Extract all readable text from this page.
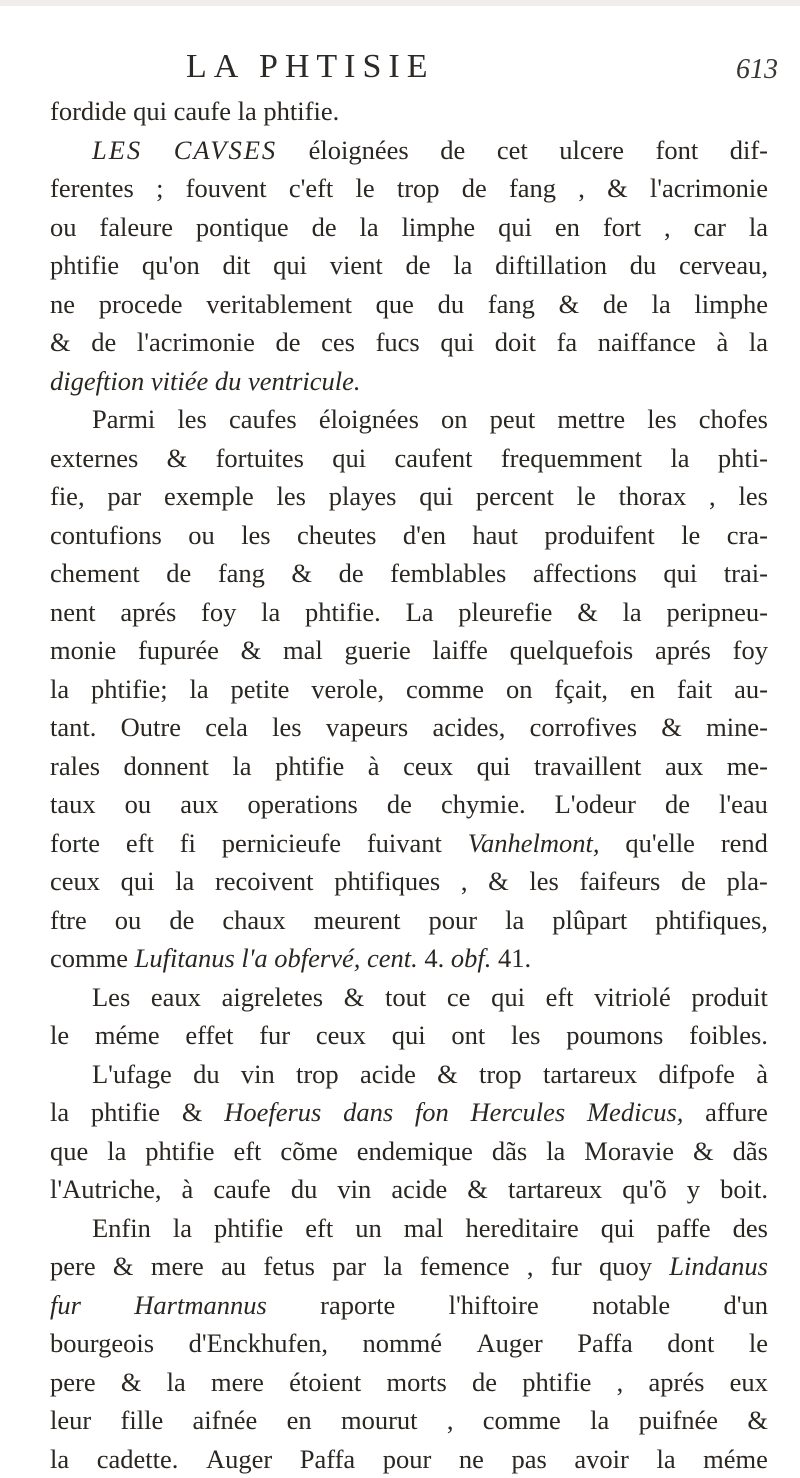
LA PHTISIE	613
fordide qui caufe la phtifie.
LES CAVSES éloignées de cet ulcere font dif-
ferentes ; fouvent c'eft le trop de fang , & l'acrimonie
ou faleure pontique de la limphe qui en fort , car la
phtifie qu'on dit qui vient de la diftillation du cerveau,
ne procede veritablement que du fang & de la limphe
& de l'acrimonie de ces fucs qui doit fa naiffance à la
digeftion vitiée du ventricule.
Parmi les caufes éloignées on peut mettre les chofes
externes & fortuites qui caufent frequemment la phti-
fie, par exemple les playes qui percent le thorax , les
contufions ou les cheutes d'en haut produifent le cra-
chement de fang & de femblables affections qui trai-
nent aprés foy la phtifie. La pleurefie & la peripneu-
monie fupurée & mal guerie laiffe quelquefois aprés foy
la phtifie; la petite verole, comme on fçait, en fait au-
tant. Outre cela les vapeurs acides, corrofives & mine-
rales donnent la phtifie à ceux qui travaillent aux me-
taux ou aux operations de chymie. L'odeur de l'eau
forte eft fi pernicieufe fuivant Vanhelmont, qu'elle rend
ceux qui la recoivent phtifiques , & les faifeurs de pla-
ftre ou de chaux meurent pour la plûpart phtifiques,
comme Lufitanus l'a obfervé, cent. 4. obf. 41.
Les eaux aigreletes & tout ce qui eft vitriolé produit
le méme effet fur ceux qui ont les poumons foibles.
L'ufage du vin trop acide & trop tartareux difpofe à
la phtifie & Hoeferus dans fon Hercules Medicus, affure
que la phtifie eft cõme endemique dãs la Moravie & dãs
l'Autriche, à caufe du vin acide & tartareux qu'õ y boit.
Enfin la phtifie eft un mal hereditaire qui paffe des
pere & mere au fetus par la femence , fur quoy Lindanus
fur Hartmannus raporte l'hiftoire notable d'un
bourgeois d'Enckhufen, nommé Auger Paffa dont le
pere & la mere étoient morts de phtifie , aprés eux
leur fille aifnée en mourut , comme la puifnée &
la cadette. Auger Paffa pour ne pas avoir la méme
